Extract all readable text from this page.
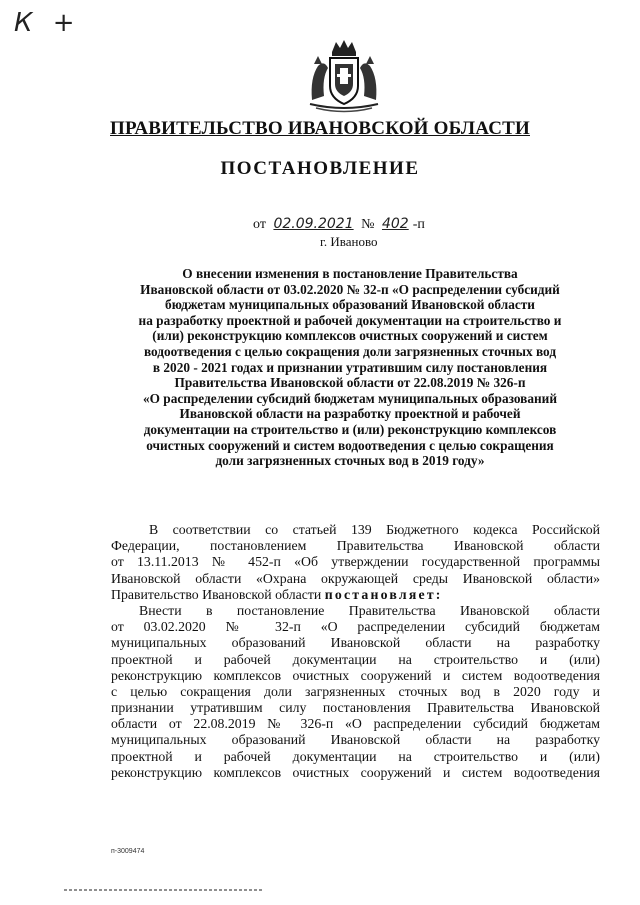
К +
ПРАВИТЕЛЬСТВО ИВАНОВСКОЙ ОБЛАСТИ
ПОСТАНОВЛЕНИЕ
от 02.09.2021 № 402 -п
г. Иваново
О внесении изменения в постановление Правительства
Ивановской области от 03.02.2020 № 32-п «О распределении субсидий
бюджетам муниципальных образований Ивановской области
на разработку проектной и рабочей документации на строительство и
(или) реконструкцию комплексов очистных сооружений и систем
водоотведения с целью сокращения доли загрязненных сточных вод
в 2020 - 2021 годах и признании утратившим силу постановления
Правительства Ивановской области от 22.08.2019 № 326-п
«О распределении субсидий бюджетам муниципальных образований
Ивановской области на разработку проектной и рабочей
документации на строительство и (или) реконструкцию комплексов
очистных сооружений и систем водоотведения с целью сокращения
доли загрязненных сточных вод в 2019 году»
В соответствии со статьей 139 Бюджетного кодекса Российской
Федерации, постановлением Правительства Ивановской области
от 13.11.2013 № 452-п «Об утверждении государственной программы
Ивановской области «Охрана окружающей среды Ивановской области»
Правительство Ивановской области постановляет:
Внести в постановление Правительства Ивановской области
от 03.02.2020 № 32-п «О распределении субсидий бюджетам
муниципальных образований Ивановской области на разработку
проектной и рабочей документации на строительство и (или)
реконструкцию комплексов очистных сооружений и систем водоотведения
с целью сокращения доли загрязненных сточных вод в 2020 году и
признании утратившим силу постановления Правительства Ивановской
области от 22.08.2019 № 326-п «О распределении субсидий бюджетам
муниципальных образований Ивановской области на разработку
проектной и рабочей документации на строительство и (или)
реконструкцию комплексов очистных сооружений и систем водоотведения
п-3009474
